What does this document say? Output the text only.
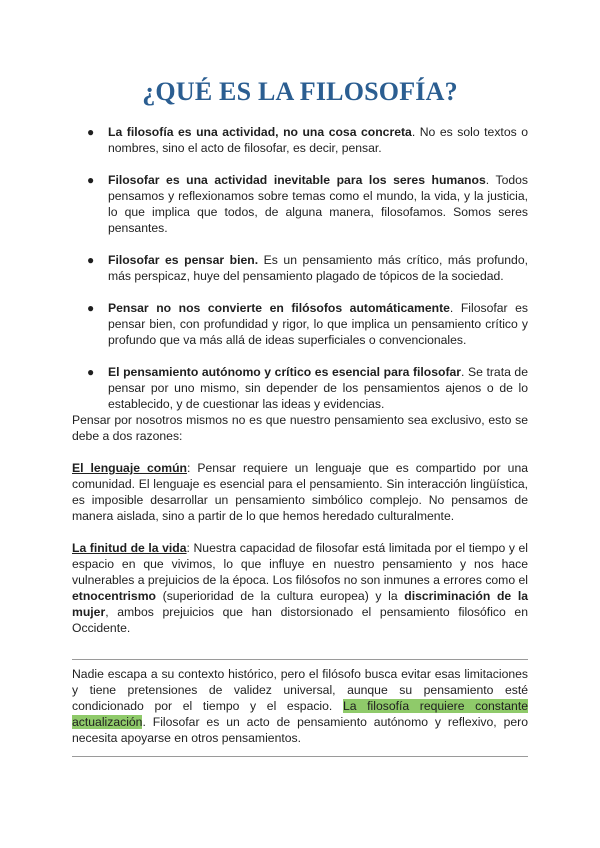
¿QUÉ ES LA FILOSOFÍA?
● La filosofía es una actividad, no una cosa concreta. No es solo textos o nombres, sino el acto de filosofar, es decir, pensar.
● Filosofar es una actividad inevitable para los seres humanos. Todos pensamos y reflexionamos sobre temas como el mundo, la vida, y la justicia, lo que implica que todos, de alguna manera, filosofamos. Somos seres pensantes.
● Filosofar es pensar bien. Es un pensamiento más crítico, más profundo, más perspicaz, huye del pensamiento plagado de tópicos de la sociedad.
● Pensar no nos convierte en filósofos automáticamente. Filosofar es pensar bien, con profundidad y rigor, lo que implica un pensamiento crítico y profundo que va más allá de ideas superficiales o convencionales.
● El pensamiento autónomo y crítico es esencial para filosofar. Se trata de pensar por uno mismo, sin depender de los pensamientos ajenos o de lo establecido, y de cuestionar las ideas y evidencias.

Pensar por nosotros mismos no es que nuestro pensamiento sea exclusivo, esto se debe a dos razones:

El lenguaje común: Pensar requiere un lenguaje que es compartido por una comunidad. El lenguaje es esencial para el pensamiento. Sin interacción lingüística, es imposible desarrollar un pensamiento simbólico complejo. No pensamos de manera aislada, sino a partir de lo que hemos heredado culturalmente.

La finitud de la vida: Nuestra capacidad de filosofar está limitada por el tiempo y el espacio en que vivimos, lo que influye en nuestro pensamiento y nos hace vulnerables a prejuicios de la época. Los filósofos no son inmunes a errores como el etnocentrismo (superioridad de la cultura europea) y la discriminación de la mujer, ambos prejuicios que han distorsionado el pensamiento filosófico en Occidente.

Nadie escapa a su contexto histórico, pero el filósofo busca evitar esas limitaciones y tiene pretensiones de validez universal, aunque su pensamiento esté condicionado por el tiempo y el espacio. La filosofía requiere constante actualización. Filosofar es un acto de pensamiento autónomo y reflexivo, pero necesita apoyarse en otros pensamientos.
